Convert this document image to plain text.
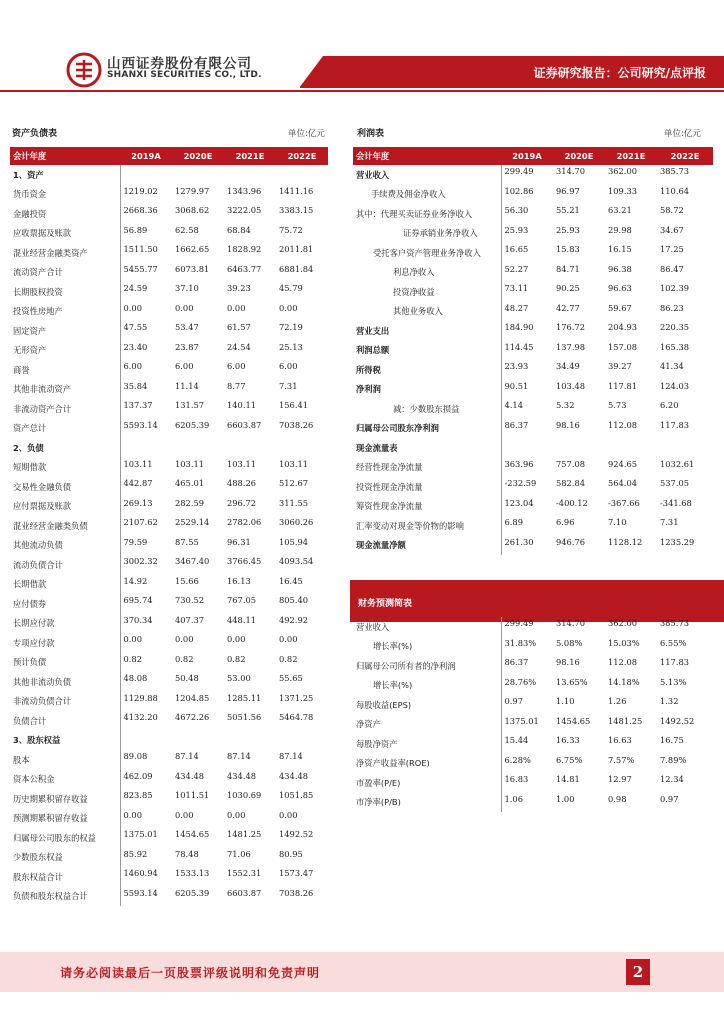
山西证券股份有限公司
SHANXI SECURITIES CO., LTD.	证券研究报告：公司研究/点评报
资产负债表	单位:亿元	利润表	单位:亿元
会计年度	2019A	2020E	2021E	2022E
1、资产				
货币资金	1219.02	1279.97	1343.96	1411.16
金融投资	2668.36	3068.62	3222.05	3383.15
应收票据及账款	56.89	62.58	68.84	75.72
混业经营金融类资产	1511.50	1662.65	1828.92	2011.81
流动资产合计	5455.77	6073.81	6463.77	6881.84
长期股权投资	24.59	37.10	39.23	45.79
投资性房地产	0.00	0.00	0.00	0.00
固定资产	47.55	53.47	61.57	72.19
无形资产	23.40	23.87	24.54	25.13
商誉	6.00	6.00	6.00	6.00
其他非流动资产	35.84	11.14	8.77	7.31
非流动资产合计	137.37	131.57	140.11	156.41
资产总计	5593.14	6205.39	6603.87	7038.26
2、负债				
短期借款	103.11	103.11	103.11	103.11
交易性金融负债	442.87	465.01	488.26	512.67
应付票据及账款	269.13	282.59	296.72	311.55
混业经营金融类负债	2107.62	2529.14	2782.06	3060.26
其他流动负债	79.59	87.55	96.31	105.94
流动负债合计	3002.32	3467.40	3766.45	4093.54
长期借款	14.92	15.66	16.13	16.45
应付债券	695.74	730.52	767.05	805.40
长期应付款	370.34	407.37	448.11	492.92
专项应付款	0.00	0.00	0.00	0.00
预计负债	0.82	0.82	0.82	0.82
其他非流动负债	48.08	50.48	53.00	55.65
非流动负债合计	1129.88	1204.85	1285.11	1371.25
负债合计	4132.20	4672.26	5051.56	5464.78
3、股东权益				
股本	89.08	87.14	87.14	87.14
资本公积金	462.09	434.48	434.48	434.48
历史期累积留存收益	823.85	1011.51	1030.69	1051.85
预测期累积留存收益	0.00	0.00	0.00	0.00
归属母公司股东的权益	1375.01	1454.65	1481.25	1492.52
少数股东权益	85.92	78.48	71.06	80.95
股东权益合计	1460.94	1533.13	1552.31	1573.47
负债和股东权益合计	5593.14	6205.39	6603.87	7038.26
会计年度	2019A	2020E	2021E	2022E
营业收入	299.49	314.70	362.00	385.73
手续费及佣金净收入	102.86	96.97	109.33	110.64
其中：代理买卖证券业务净收入	56.30	55.21	63.21	58.72
证券承销业务净收入	25.93	25.93	29.98	34.67
受托客户资产管理业务净收入	16.65	15.83	16.15	17.25
利息净收入	52.27	84.71	96.38	86.47
投资净收益	73.11	90.25	96.63	102.39
其他业务收入	48.27	42.77	59.67	86.23
营业支出	184.90	176.72	204.93	220.35
利润总额	114.45	137.98	157.08	165.38
所得税	23.93	34.49	39.27	41.34
净利润	90.51	103.48	117.81	124.03
减：少数股东损益	4.14	5.32	5.73	6.20
归属母公司股东净利润	86.37	98.16	112.08	117.83
现金流量表				
经营性现金净流量	363.96	757.08	924.65	1032.61
投资性现金净流量	-232.59	582.84	564.04	537.05
筹资性现金净流量	123.04	-400.12	-367.66	-341.68
汇率变动对现金等价物的影响	6.89	6.96	7.10	7.31
现金流量净额	261.30	946.76	1128.12	1235.29
财务预测简表
营业收入	299.49	314.70	362.00	385.73
增长率(%)	31.83%	5.08%	15.03%	6.55%
归属母公司所有者的净利润	86.37	98.16	112.08	117.83
增长率(%)	28.76%	13.65%	14.18%	5.13%
每股收益(EPS)	0.97	1.10	1.26	1.32
净资产	1375.01	1454.65	1481.25	1492.52
每股净资产	15.44	16.33	16.63	16.75
净资产收益率(ROE)	6.28%	6.75%	7.57%	7.89%
市盈率(P/E)	16.83	14.81	12.97	12.34
市净率(P/B)	1.06	1.00	0.98	0.97
请务必阅读最后一页股票评级说明和免责声明	2
